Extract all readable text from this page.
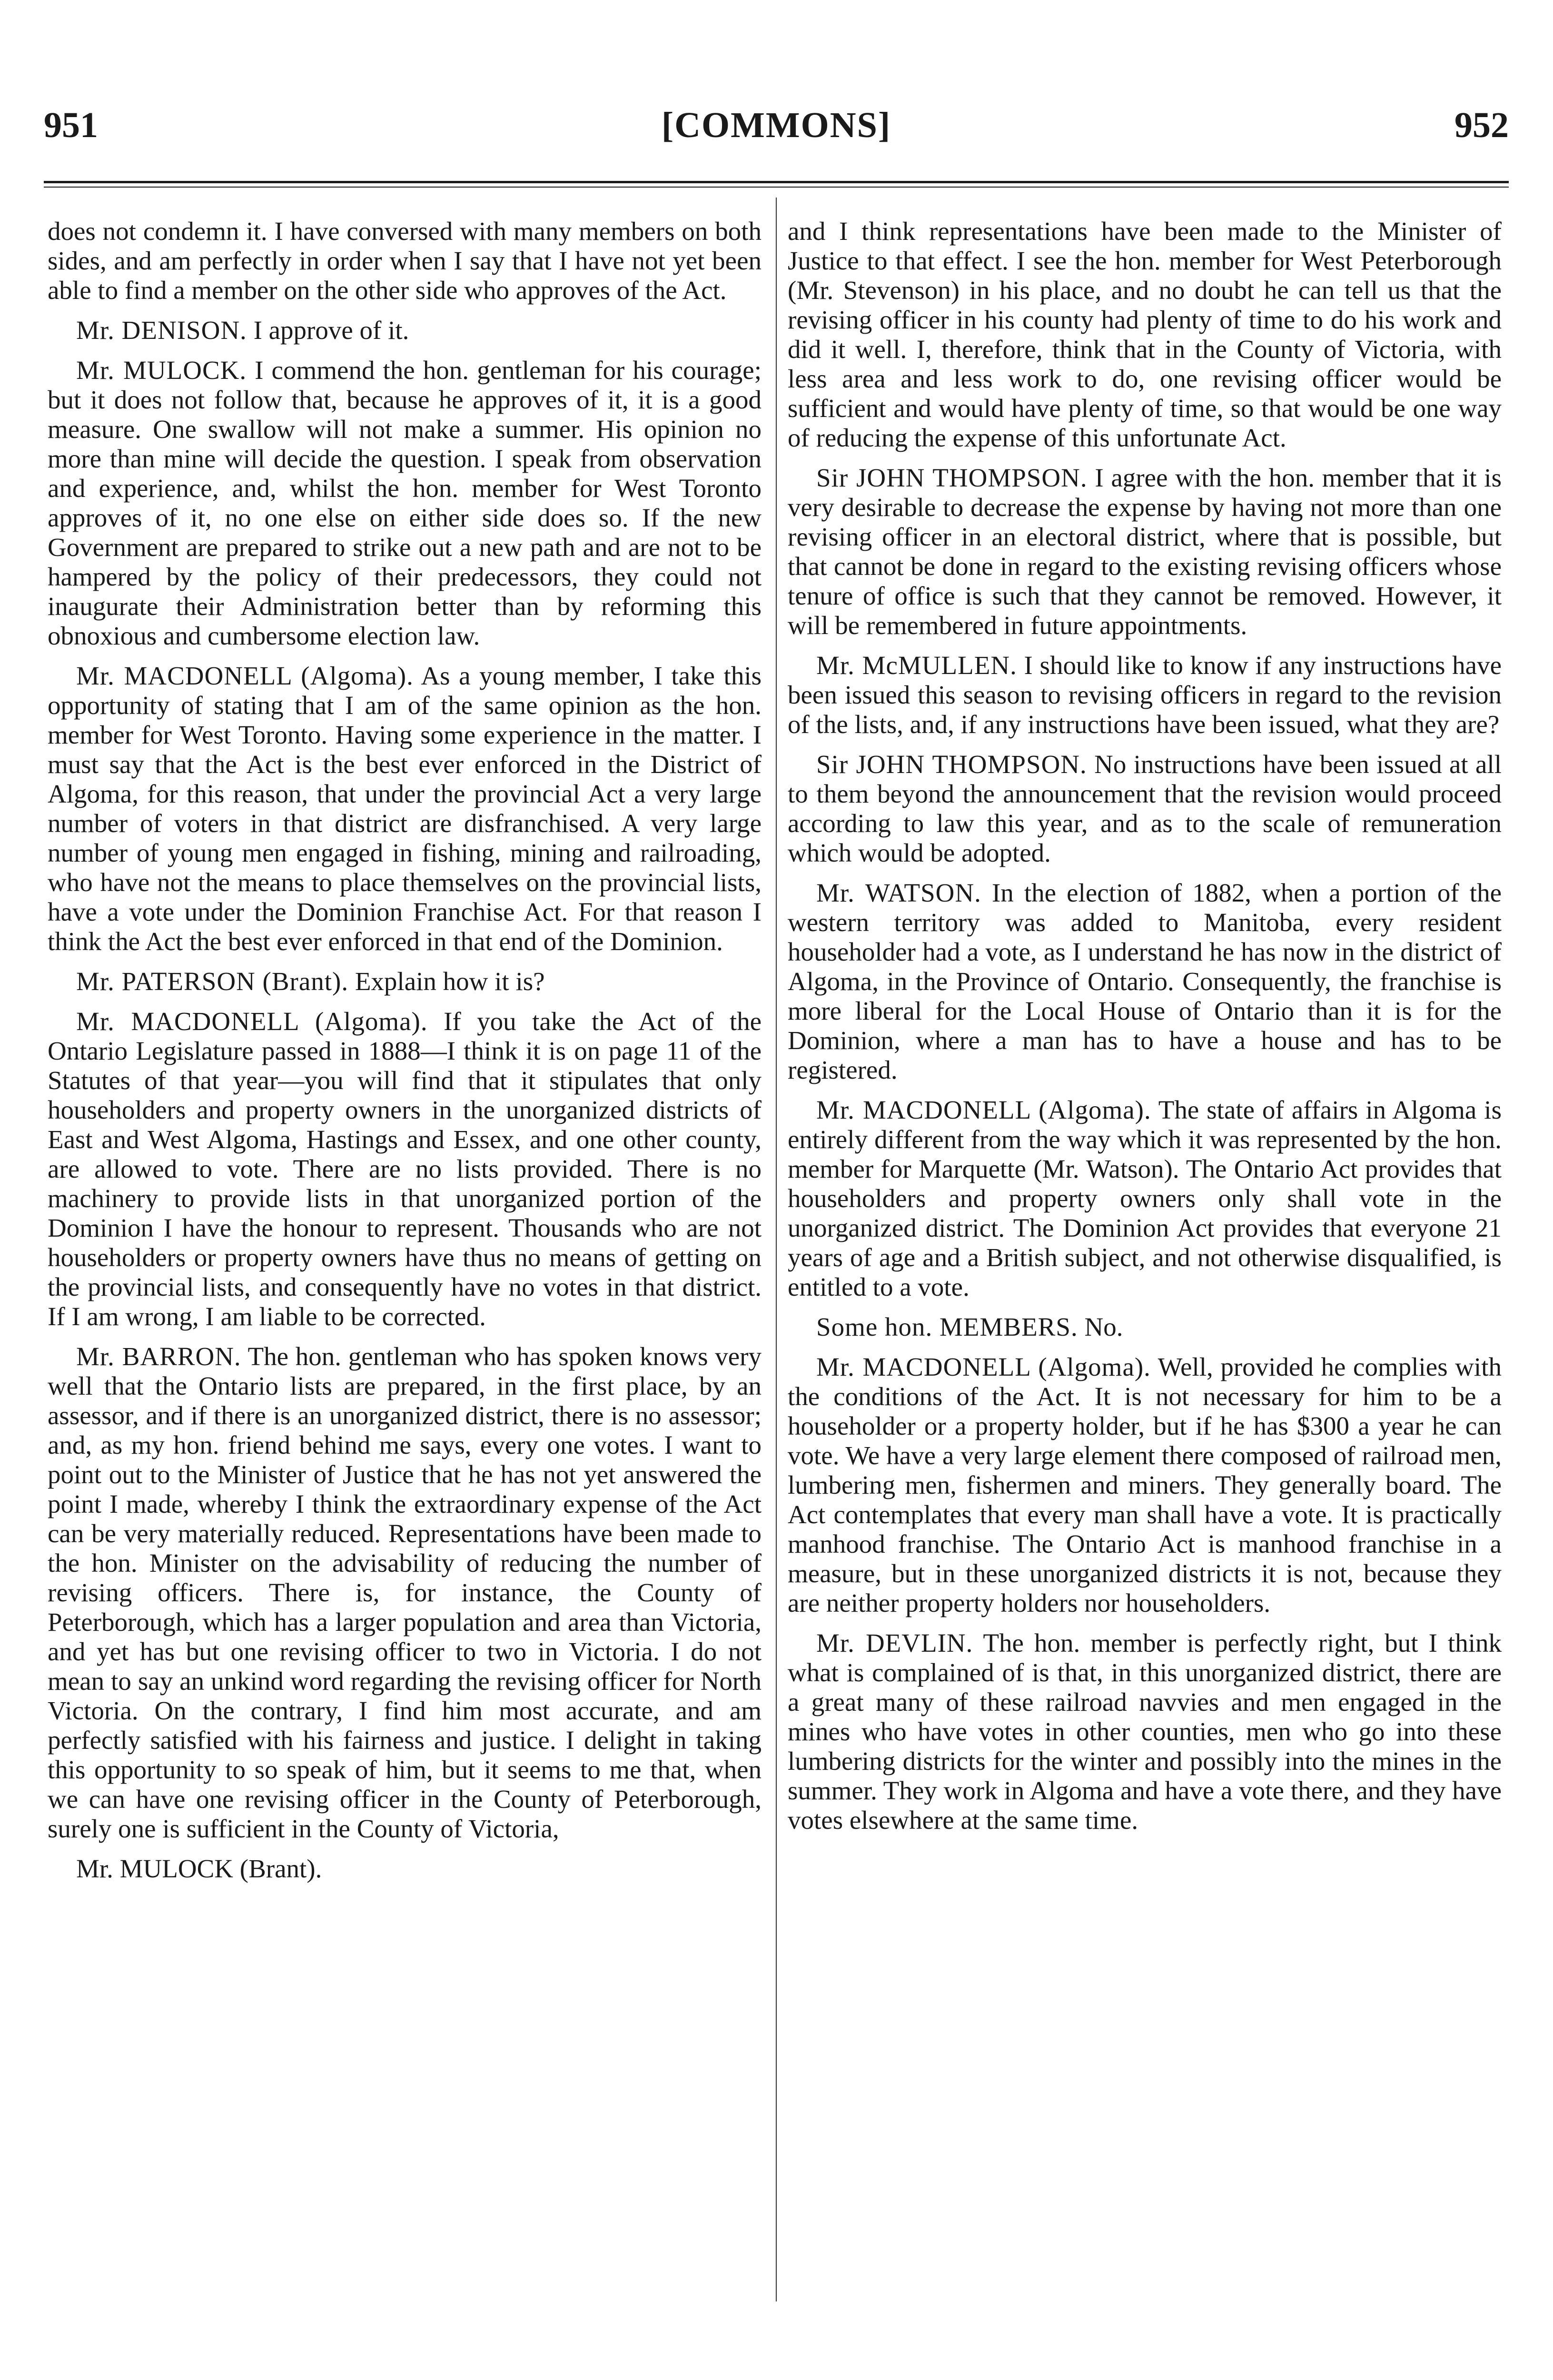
951	[COMMONS]	952

does not condemn it. I have conversed with many members on both sides, and am perfectly in order when I say that I have not yet been able to find a member on the other side who approves of the Act.

Mr. DENISON. I approve of it.

Mr. MULOCK. I commend the hon. gentleman for his courage; but it does not follow that, because he approves of it, it is a good measure. One swallow will not make a summer. His opinion no more than mine will decide the question. I speak from observation and experience, and, whilst the hon. member for West Toronto approves of it, no one else on either side does so. If the new Government are prepared to strike out a new path and are not to be hampered by the policy of their predecessors, they could not inaugurate their Administration better than by reforming this obnoxious and cumbersome election law.

Mr. MACDONELL (Algoma). As a young member, I take this opportunity of stating that I am of the same opinion as the hon. member for West Toronto. Having some experience in the matter. I must say that the Act is the best ever enforced in the District of Algoma, for this reason, that under the provincial Act a very large number of voters in that district are disfranchised. A very large number of young men engaged in fishing, mining and railroading, who have not the means to place themselves on the provincial lists, have a vote under the Dominion Franchise Act. For that reason I think the Act the best ever enforced in that end of the Dominion.

Mr. PATERSON (Brant). Explain how it is?

Mr. MACDONELL (Algoma). If you take the Act of the Ontario Legislature passed in 1888—I think it is on page 11 of the Statutes of that year—you will find that it stipulates that only householders and property owners in the unorganized districts of East and West Algoma, Hastings and Essex, and one other county, are allowed to vote. There are no lists provided. There is no machinery to provide lists in that unorganized portion of the Dominion I have the honour to represent. Thousands who are not householders or property owners have thus no means of getting on the provincial lists, and consequently have no votes in that district. If I am wrong, I am liable to be corrected.

Mr. BARRON. The hon. gentleman who has spoken knows very well that the Ontario lists are prepared, in the first place, by an assessor, and if there is an unorganized district, there is no assessor; and, as my hon. friend behind me says, every one votes. I want to point out to the Minister of Justice that he has not yet answered the point I made, whereby I think the extraordinary expense of the Act can be very materially reduced. Representations have been made to the hon. Minister on the advisability of reducing the number of revising officers. There is, for instance, the County of Peterborough, which has a larger population and area than Victoria, and yet has but one revising officer to two in Victoria. I do not mean to say an unkind word regarding the revising officer for North Victoria. On the contrary, I find him most accurate, and am perfectly satisfied with his fairness and justice. I delight in taking this opportunity to so speak of him, but it seems to me that, when we can have one revising officer in the County of Peterborough, surely one is sufficient in the County of Victoria,

Mr. MULOCK (Brant).

and I think representations have been made to the Minister of Justice to that effect. I see the hon. member for West Peterborough (Mr. Stevenson) in his place, and no doubt he can tell us that the revising officer in his county had plenty of time to do his work and did it well. I, therefore, think that in the County of Victoria, with less area and less work to do, one revising officer would be sufficient and would have plenty of time, so that would be one way of reducing the expense of this unfortunate Act.

Sir JOHN THOMPSON. I agree with the hon. member that it is very desirable to decrease the expense by having not more than one revising officer in an electoral district, where that is possible, but that cannot be done in regard to the existing revising officers whose tenure of office is such that they cannot be removed. However, it will be remembered in future appointments.

Mr. McMULLEN. I should like to know if any instructions have been issued this season to revising officers in regard to the revision of the lists, and, if any instructions have been issued, what they are?

Sir JOHN THOMPSON. No instructions have been issued at all to them beyond the announcement that the revision would proceed according to law this year, and as to the scale of remuneration which would be adopted.

Mr. WATSON. In the election of 1882, when a portion of the western territory was added to Manitoba, every resident householder had a vote, as I understand he has now in the district of Algoma, in the Province of Ontario. Consequently, the franchise is more liberal for the Local House of Ontario than it is for the Dominion, where a man has to have a house and has to be registered.

Mr. MACDONELL (Algoma). The state of affairs in Algoma is entirely different from the way which it was represented by the hon. member for Marquette (Mr. Watson). The Ontario Act provides that householders and property owners only shall vote in the unorganized district. The Dominion Act provides that everyone 21 years of age and a British subject, and not otherwise disqualified, is entitled to a vote.

Some hon. MEMBERS. No.

Mr. MACDONELL (Algoma). Well, provided he complies with the conditions of the Act. It is not necessary for him to be a householder or a property holder, but if he has $300 a year he can vote. We have a very large element there composed of railroad men, lumbering men, fishermen and miners. They generally board. The Act contemplates that every man shall have a vote. It is practically manhood franchise. The Ontario Act is manhood franchise in a measure, but in these unorganized districts it is not, because they are neither property holders nor householders.

Mr. DEVLIN. The hon. member is perfectly right, but I think what is complained of is that, in this unorganized district, there are a great many of these railroad navvies and men engaged in the mines who have votes in other counties, men who go into these lumbering districts for the winter and possibly into the mines in the summer. They work in Algoma and have a vote there, and they have votes elsewhere at the same time.
